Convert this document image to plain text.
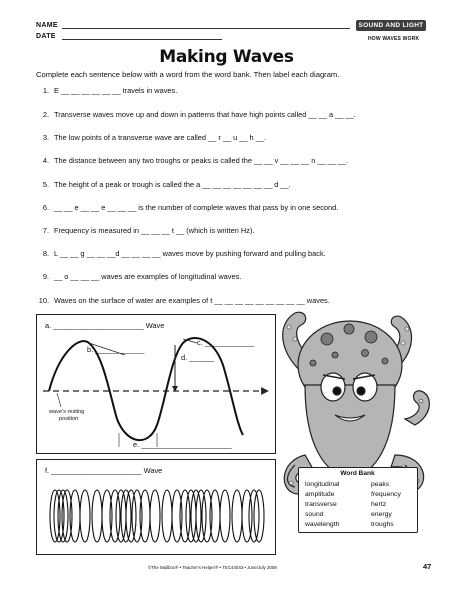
NAME
DATE
SOUND AND LIGHT
HOW WAVES WORK
Making Waves
Complete each sentence below with a word from the word bank. Then label each diagram.
1. E __ __ __ __ __ __ travels in waves.
2. Transverse waves move up and down in patterns that have high points called __ __ a __ __.
3. The low points of a transverse wave are called __ r __ u __ h __.
4. The distance between any two troughs or peaks is called the __ __ v __ __ __ n __ __ __.
5. The height of a peak or trough is called the a __ __ __ __ __ __ __ d __.
6. __ __ e __ __ e __ __ __ is the number of complete waves that pass by in one second.
7. Frequency is measured in __ __ __ t __ (which is written Hz).
8. L __ __ g __ __ __d __ __ __ __ waves move by pushing forward and pulling back.
9. __ o __ __ __ waves are examples of longitudinal waves.
10. Waves on the surface of water are examples of t __ __ __ __ __ __ __ __ __ waves.
a. ______________________ Wave
b. ____________
c. ____________
d. ______
e. ______________________
wave's resting
position
f. ______________________ Wave	Word Bank
longitudinal
amplitude
transverse
sound
wavelength
peaks
frequency
hertz
energy
troughs
©The Mailbox® • Teacher's Helper® • TEC44043 • June/July 2009	47
